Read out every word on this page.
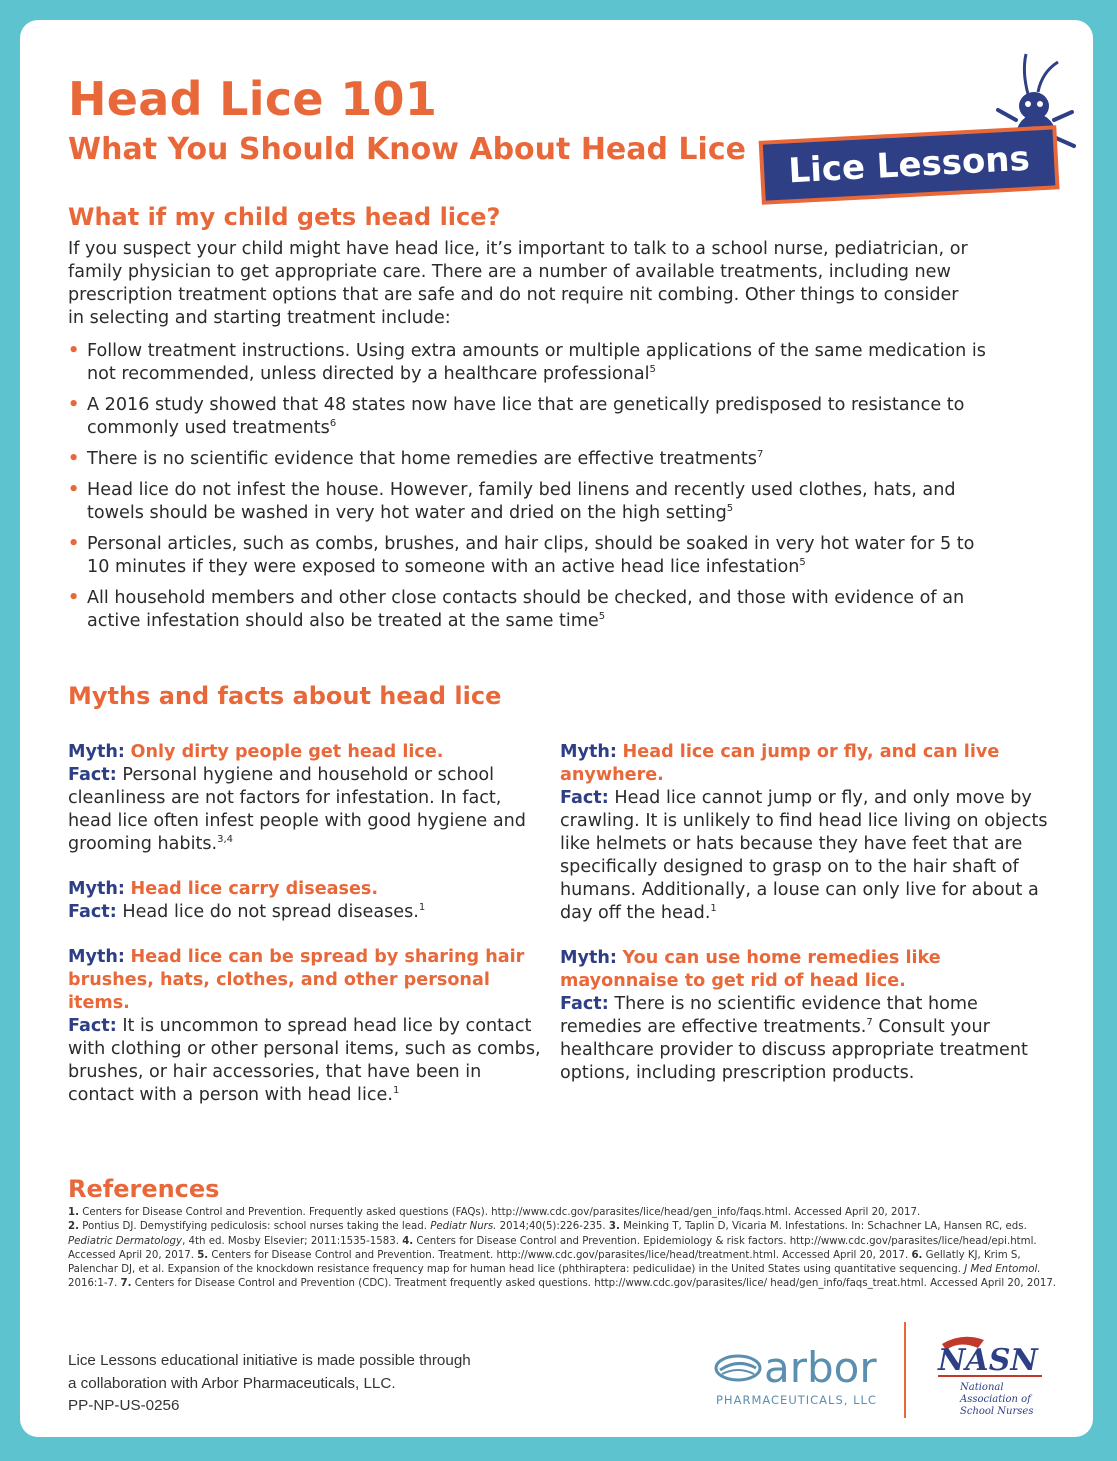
Head Lice 101
What You Should Know About Head Lice Lice Lessons
What if my child gets head lice?
If you suspect your child might have head lice, it’s important to talk to a school nurse, pediatrician, or family physician to get appropriate care. There are a number of available treatments, including new prescription treatment options that are safe and do not require nit combing. Other things to consider in selecting and starting treatment include:
• Follow treatment instructions. Using extra amounts or multiple applications of the same medication is not recommended, unless directed by a healthcare professional$^5$
• A 2016 study showed that 48 states now have lice that are genetically predisposed to resistance to commonly used treatments$^6$
• There is no scientific evidence that home remedies are effective treatments$^7$
• Head lice do not infest the house. However, family bed linens and recently used clothes, hats, and towels should be washed in very hot water and dried on the high setting$^5$
• Personal articles, such as combs, brushes, and hair clips, should be soaked in very hot water for 5 to 10 minutes if they were exposed to someone with an active head lice infestation$^5$
• All household members and other close contacts should be checked, and those with evidence of an active infestation should also be treated at the same time$^5$
Myths and facts about head lice
Myth: Only dirty people get head lice.
Fact: Personal hygiene and household or school cleanliness are not factors for infestation. In fact, head lice often infest people with good hygiene and grooming habits.$^{3,4}$
Myth: Head lice carry diseases.
Fact: Head lice do not spread diseases.$^1$
Myth: Head lice can be spread by sharing hair brushes, hats, clothes, and other personal items.
Fact: It is uncommon to spread head lice by contact with clothing or other personal items, such as combs, brushes, or hair accessories, that have been in contact with a person with head lice.$^1$
Myth: Head lice can jump or fly, and can live anywhere.
Fact: Head lice cannot jump or fly, and only move by crawling. It is unlikely to find head lice living on objects like helmets or hats because they have feet that are specifically designed to grasp on to the hair shaft of humans. Additionally, a louse can only live for about a day off the head.$^1$
Myth: You can use home remedies like mayonnaise to get rid of head lice.
Fact: There is no scientific evidence that home remedies are effective treatments.$^7$ Consult your healthcare provider to discuss appropriate treatment options, including prescription products.
References
1. Centers for Disease Control and Prevention. Frequently asked questions (FAQs). http://www.cdc.gov/parasites/lice/head/gen_info/faqs.html. Accessed April 20, 2017.
2. Pontius DJ. Demystifying pediculosis: school nurses taking the lead. Pediatr Nurs. 2014;40(5):226-235. 3. Meinking T, Taplin D, Vicaria M. Infestations. In: Schachner LA, Hansen RC, eds. Pediatric Dermatology, 4th ed. Mosby Elsevier; 2011:1535-1583. 4. Centers for Disease Control and Prevention. Epidemiology & risk factors. http://www.cdc.gov/parasites/lice/head/epi.html. Accessed April 20, 2017. 5. Centers for Disease Control and Prevention. Treatment. http://www.cdc.gov/parasites/lice/head/treatment.html. Accessed April 20, 2017. 6. Gellatly KJ, Krim S, Palenchar DJ, et al. Expansion of the knockdown resistance frequency map for human head lice (phthiraptera: pediculidae) in the United States using quantitative sequencing. J Med Entomol. 2016:1-7. 7. Centers for Disease Control and Prevention (CDC). Treatment frequently asked questions. http://www.cdc.gov/parasites/lice/ head/gen_info/faqs_treat.html. Accessed April 20, 2017.
Lice Lessons educational initiative is made possible through
a collaboration with Arbor Pharmaceuticals, LLC.
PP-NP-US-0256
arbor
PHARMACEUTICALS, LLC
NASN
National
Association of
School Nurses
